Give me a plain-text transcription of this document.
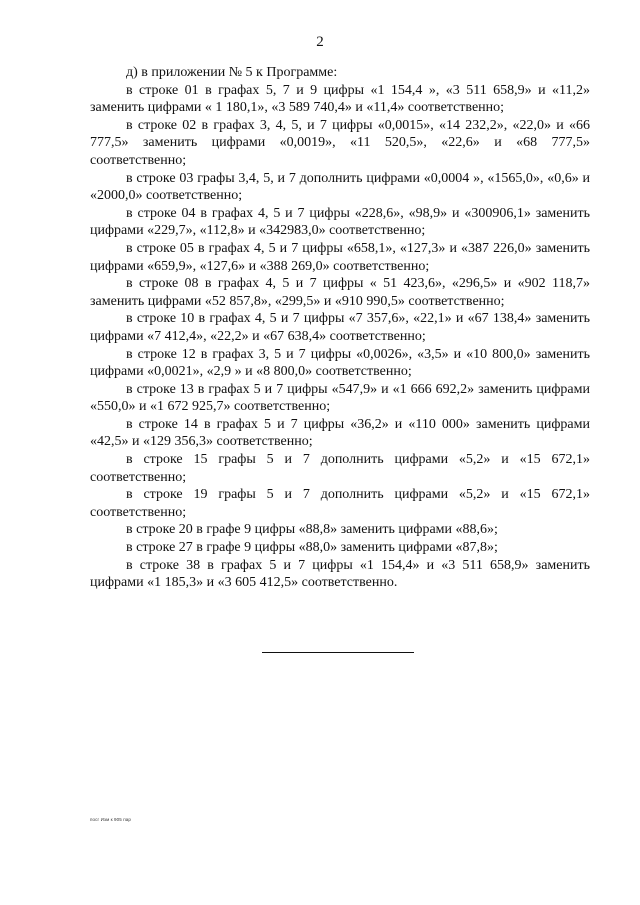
2

д) в приложении № 5 к Программе:

в строке 01 в графах 5, 7 и 9 цифры «1 154,4 », «3 511 658,9» и «11,2» заменить цифрами « 1 180,1», «3 589 740,4» и «11,4» соответственно;

в строке 02 в графах 3, 4, 5, и 7 цифры «0,0015», «14 232,2», «22,0» и «66 777,5» заменить цифрами «0,0019», «11 520,5», «22,6» и «68 777,5» соответственно;

в строке 03 графы 3,4, 5, и 7 дополнить цифрами «0,0004 », «1565,0», «0,6» и «2000,0» соответственно;

в строке 04 в графах 4, 5 и 7 цифры «228,6», «98,9» и «300906,1» заменить цифрами «229,7», «112,8» и «342983,0» соответственно;

в строке 05 в графах 4, 5 и 7 цифры «658,1», «127,3» и «387 226,0» заменить цифрами «659,9», «127,6» и «388 269,0» соответственно;

в строке 08 в графах 4, 5 и 7 цифры « 51 423,6», «296,5» и «902 118,7» заменить цифрами «52 857,8», «299,5» и «910 990,5» соответственно;

в строке 10 в графах 4, 5 и 7 цифры «7 357,6», «22,1» и «67 138,4» заменить цифрами «7 412,4», «22,2» и «67 638,4» соответственно;

в строке 12 в графах 3, 5 и 7 цифры «0,0026», «3,5» и «10 800,0» заменить цифрами «0,0021», «2,9 » и «8 800,0» соответственно;

в строке 13 в графах 5 и 7 цифры «547,9» и «1 666 692,2» заменить цифрами «550,0» и «1 672 925,7» соответственно;

в строке 14 в графах 5 и 7 цифры «36,2» и «110 000» заменить цифрами «42,5» и «129 356,3» соответственно;

в строке 15 графы 5 и 7 дополнить цифрами «5,2» и «15 672,1» соответственно;

в строке 19 графы 5 и 7 дополнить цифрами «5,2» и «15 672,1» соответственно;

в строке 20 в графе 9 цифры «88,8» заменить цифрами «88,6»;

в строке 27 в графе 9 цифры «88,0» заменить цифрами «87,8»;

в строке 38 в графах 5 и 7 цифры «1 154,4» и «3 511 658,9» заменить цифрами «1 185,3» и «3 605 412,5» соответственно.

посг Изм к 905 пар
